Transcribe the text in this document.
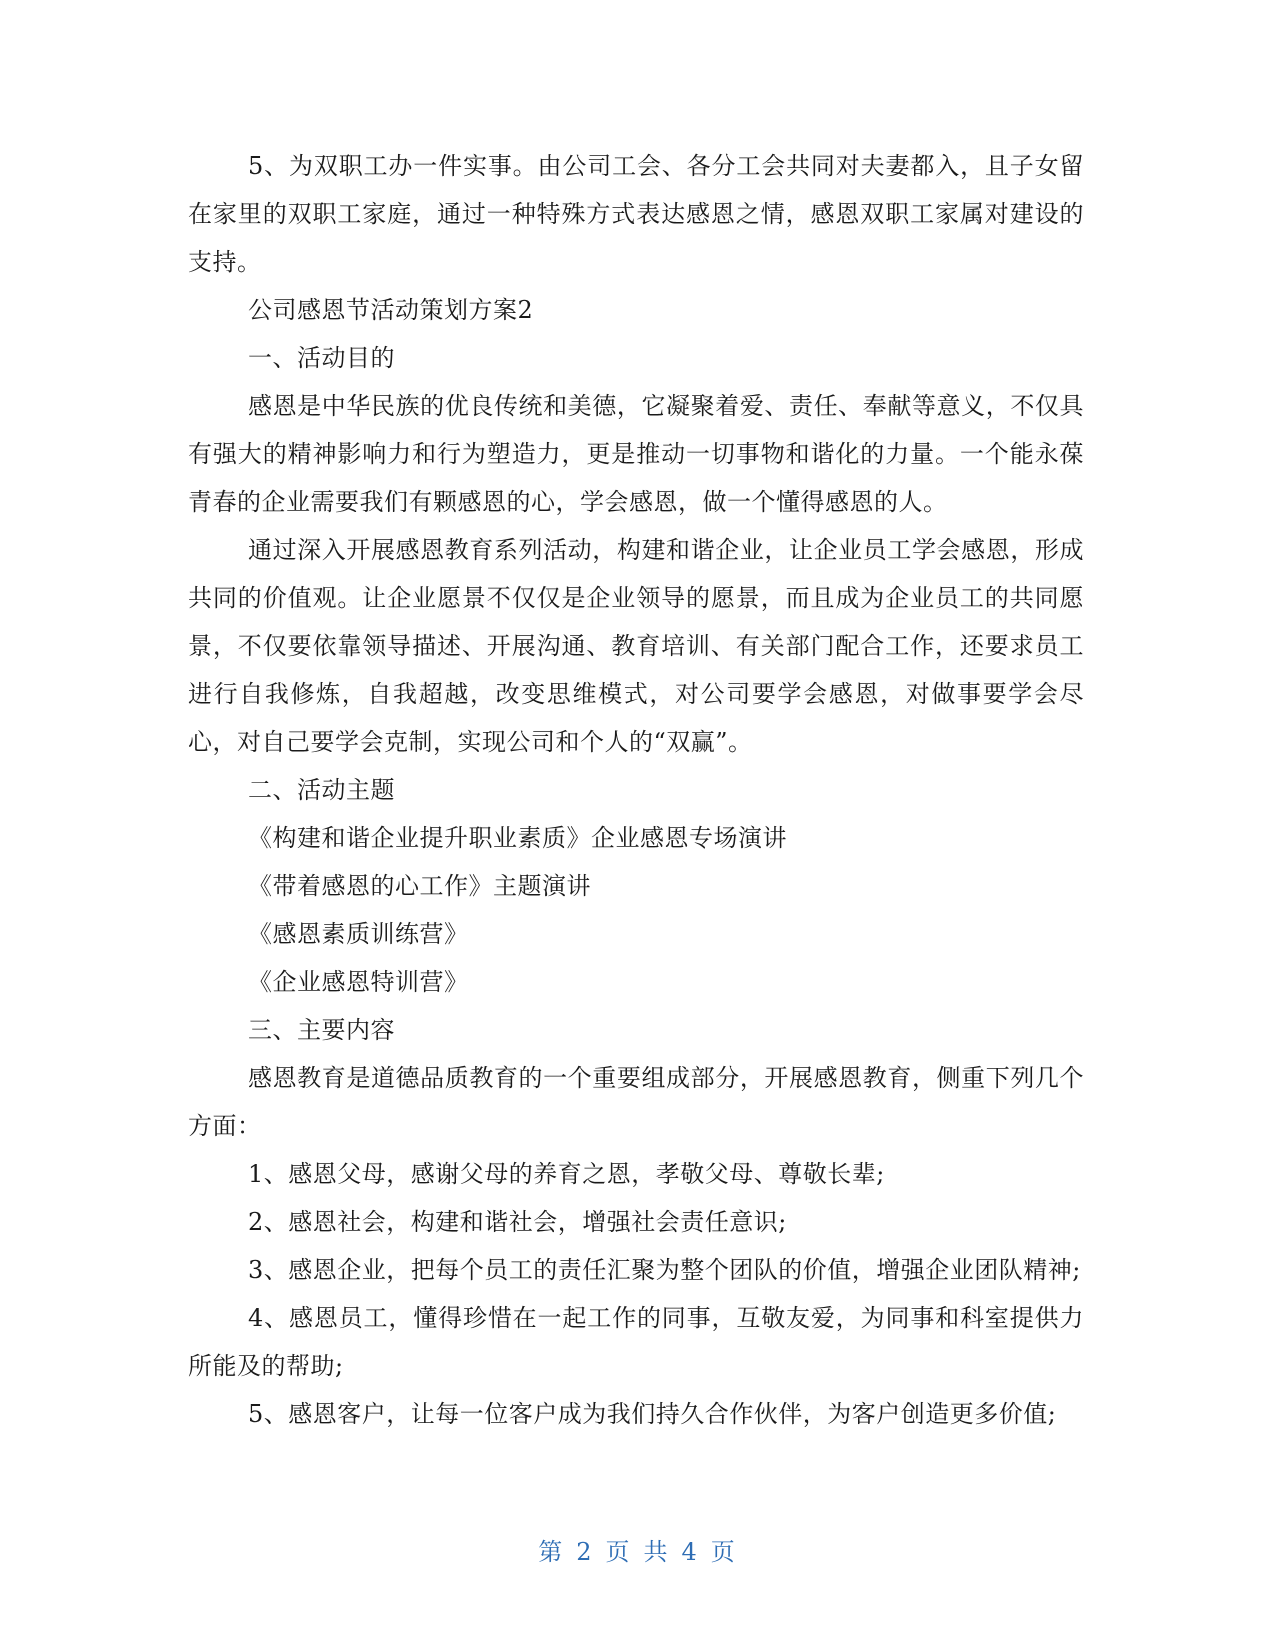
5、为双职工办一件实事。由公司工会、各分工会共同对夫妻都入，且子女留在家里的双职工家庭，通过一种特殊方式表达感恩之情，感恩双职工家属对建设的支持。

公司感恩节活动策划方案2

一、活动目的

感恩是中华民族的优良传统和美德，它凝聚着爱、责任、奉献等意义，不仅具有强大的精神影响力和行为塑造力，更是推动一切事物和谐化的力量。一个能永葆青春的企业需要我们有颗感恩的心，学会感恩，做一个懂得感恩的人。

通过深入开展感恩教育系列活动，构建和谐企业，让企业员工学会感恩，形成共同的价值观。让企业愿景不仅仅是企业领导的愿景，而且成为企业员工的共同愿景，不仅要依靠领导描述、开展沟通、教育培训、有关部门配合工作，还要求员工进行自我修炼，自我超越，改变思维模式，对公司要学会感恩，对做事要学会尽心，对自己要学会克制，实现公司和个人的“双赢”。

二、活动主题

《构建和谐企业提升职业素质》企业感恩专场演讲

《带着感恩的心工作》主题演讲

《感恩素质训练营》

《企业感恩特训营》

三、主要内容

感恩教育是道德品质教育的一个重要组成部分，开展感恩教育，侧重下列几个方面：

1、感恩父母，感谢父母的养育之恩，孝敬父母、尊敬长辈;

2、感恩社会，构建和谐社会，增强社会责任意识;

3、感恩企业，把每个员工的责任汇聚为整个团队的价值，增强企业团队精神;

4、感恩员工，懂得珍惜在一起工作的同事，互敬友爱，为同事和科室提供力所能及的帮助;

5、感恩客户，让每一位客户成为我们持久合作伙伴，为客户创造更多价值;

第 2 页 共 4 页
